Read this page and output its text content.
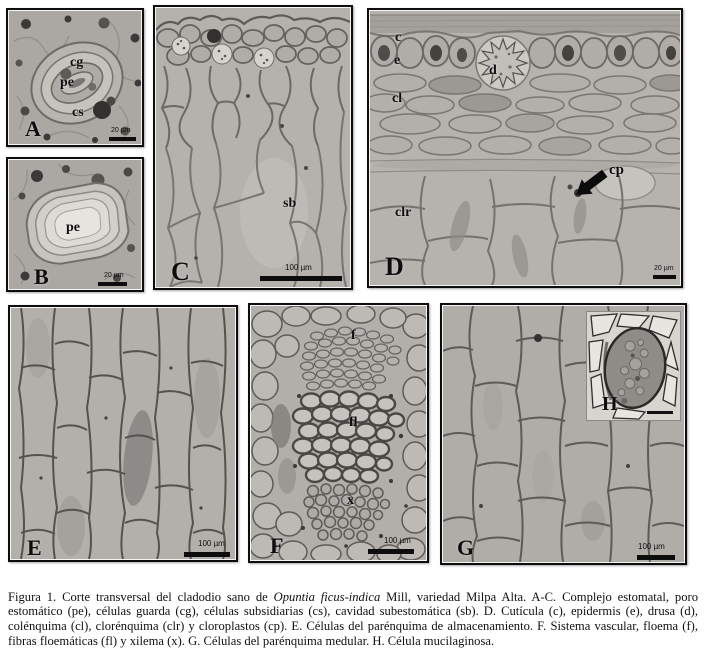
cg
pe
cs
A	20 µm
pe
B	20 µm
sb
C	100 µm
c
e
d
cl
cp
clr
D	20 µm
E	100 µm
f
fl
x
F	100 µm
H
G	100 µm

Figura 1. Corte transversal del cladodio sano de Opuntia ficus-indica Mill, variedad Milpa Alta. A-C. Complejo estomatal, poro estomático (pe), células guarda (cg), células subsidiarias (cs), cavidad subestomática (sb). D. Cutícula (c), epidermis (e), drusa (d), colénquima (cl), clorénquima (clr) y cloroplastos (cp). E. Células del parénquima de almacenamiento. F. Sistema vascular, floema (f), fibras floemáticas (fl) y xilema (x). G. Células del parénquima medular. H. Célula mucilaginosa.
